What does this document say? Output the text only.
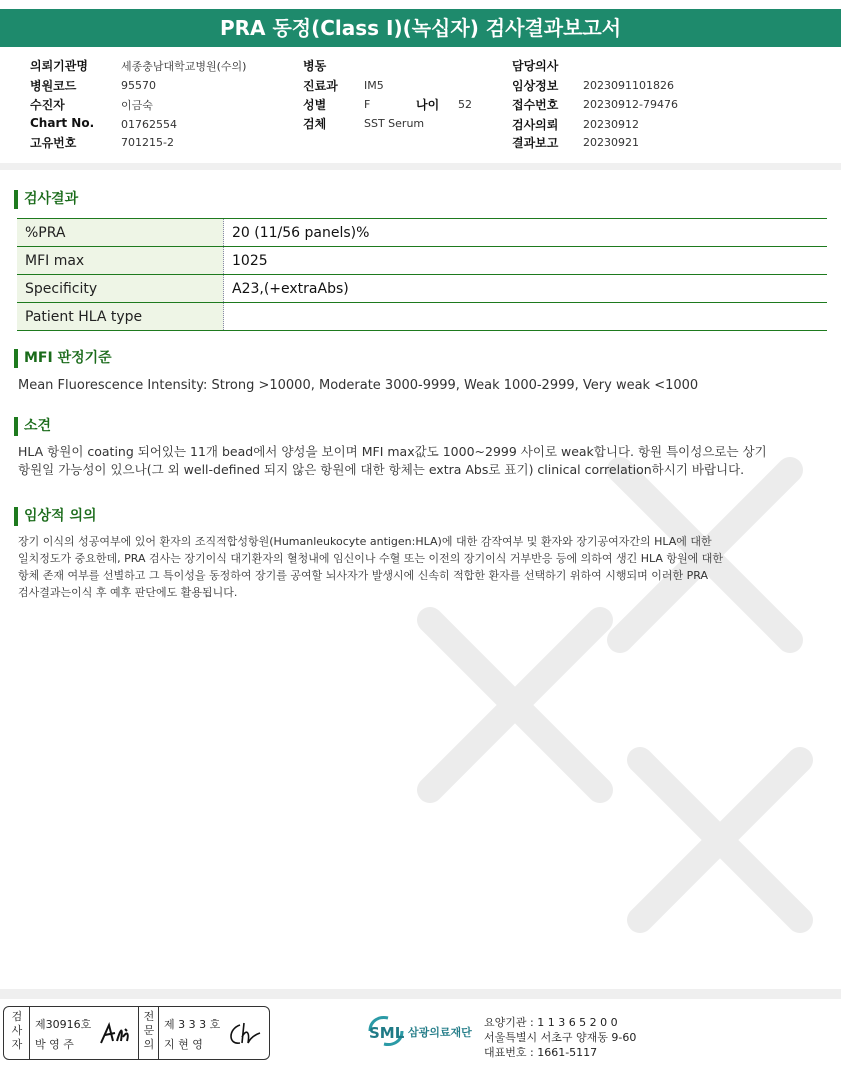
PRA 동정(Class I)(녹십자) 검사결과보고서
의뢰기관명	세종충남대학교병원(수의)
병원코드	95570
수진자	이금숙
Chart No. 01762554
고유번호	701215-2
병동
진료과 IM5
성별	F	나이 52
검체	SST Serum
담당의사
임상정보 2023091101826
접수번호 20230912-79476
검사의뢰 20230912
결과보고 20230921
검사결과
%PRA	20 (11/56 panels)%
MFI max	1025
Specificity	A23,(+extraAbs)
Patient HLA type	
MFI 판정기준
Mean Fluorescence Intensity: Strong >10000, Moderate 3000-9999, Weak 1000-2999, Very weak <1000
소견
HLA 항원이 coating 되어있는 11개 bead에서 양성을 보이며 MFI max값도 1000~2999 사이로 weak합니다. 항원 특이성으로는 상기
항원일 가능성이 있으나(그 외 well-defined 되지 않은 항원에 대한 항체는 extra Abs로 표기) clinical correlation하시기 바랍니다.
임상적 의의
장기 이식의 성공여부에 있어 환자의 조직적합성항원(Humanleukocyte antigen:HLA)에 대한 감작여부 및 환자와 장기공여자간의 HLA에 대한
일치정도가 중요한데, PRA 검사는 장기이식 대기환자의 혈청내에 임신이나 수혈 또는 이전의 장기이식 거부반응 등에 의하여 생긴 HLA 항원에 대한
항체 존재 여부를 선별하고 그 특이성을 동정하여 장기를 공여할 뇌사자가 발생시에 신속히 적합한 환자를 선택하기 위하여 시행되며 이러한 PRA
검사결과는이식 후 예후 판단에도 활용됩니다.
검사자
제30916호
박 영 주
전문의
제 3 3 3 호
지 현 영
SML 삼광의료재단
요양기관 : 1 1 3 6 5 2 0 0
서울특별시 서초구 양재동 9-60
대표번호 : 1661-5117
